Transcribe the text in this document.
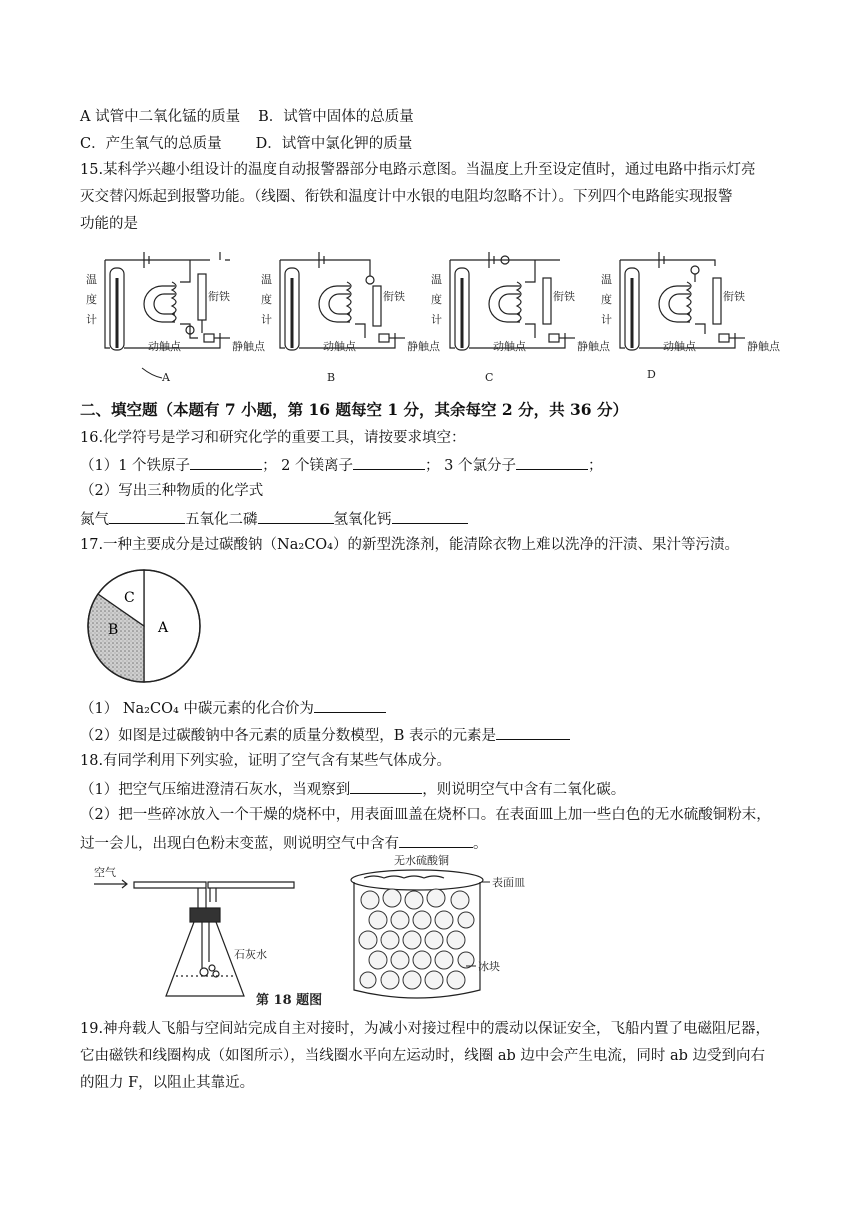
A 试管中二氧化锰的质量 B．试管中固体的总质量
C．产生氧气的总质量 D．试管中氯化钾的质量
15.某科学兴趣小组设计的温度自动报警器部分电路示意图。当温度上升至设定值时，通过电路中指示灯亮
灭交替闪烁起到报警功能。（线圈、衔铁和温度计中水银的电阻均忽略不计）。下列四个电路能实现报警
功能的是
温
度
计
衔铁
动触点	静触点
A
温
度
计
衔铁
动触点	静触点
B
温
度
计
衔铁
动触点	静触点
C
温
度
计
衔铁
动触点	静触点
D
二、填空题（本题有 7 小题，第 16 题每空 1 分，其余每空 2 分，共 36 分）
16.化学符号是学习和研究化学的重要工具，请按要求填空：
（1）1 个铁原子	； 2 个镁离子	； 3 个氯分子	；
（2）写出三种物质的化学式
氮气	五氧化二磷	氢氧化钙
17.一种主要成分是过碳酸钠（Na₂CO₄）的新型洗涤剂，能清除衣物上难以洗净的汗渍、果汁等污渍。
A
B
C
（1） Na₂CO₄ 中碳元素的化合价为
（2）如图是过碳酸钠中各元素的质量分数模型，B 表示的元素是
18.有同学利用下列实验，证明了空气含有某些气体成分。
（1）把空气压缩进澄清石灰水，当观察到	，则说明空气中含有二氧化碳。
（2）把一些碎冰放入一个干燥的烧杯中，用表面皿盖在烧杯口。在表面皿上加一些白色的无水硫酸铜粉末，
过一会儿，出现白色粉末变蓝，则说明空气中含有	。
空气
石灰水
无水硫酸铜
表面皿
冰块
第 18 题图
19.神舟载人飞船与空间站完成自主对接时，为减小对接过程中的震动以保证安全，飞船内置了电磁阻尼器，
它由磁铁和线圈构成（如图所示），当线圈水平向左运动时，线圈 ab 边中会产生电流，同时 ab 边受到向右
的阻力 F，以阻止其靠近。
